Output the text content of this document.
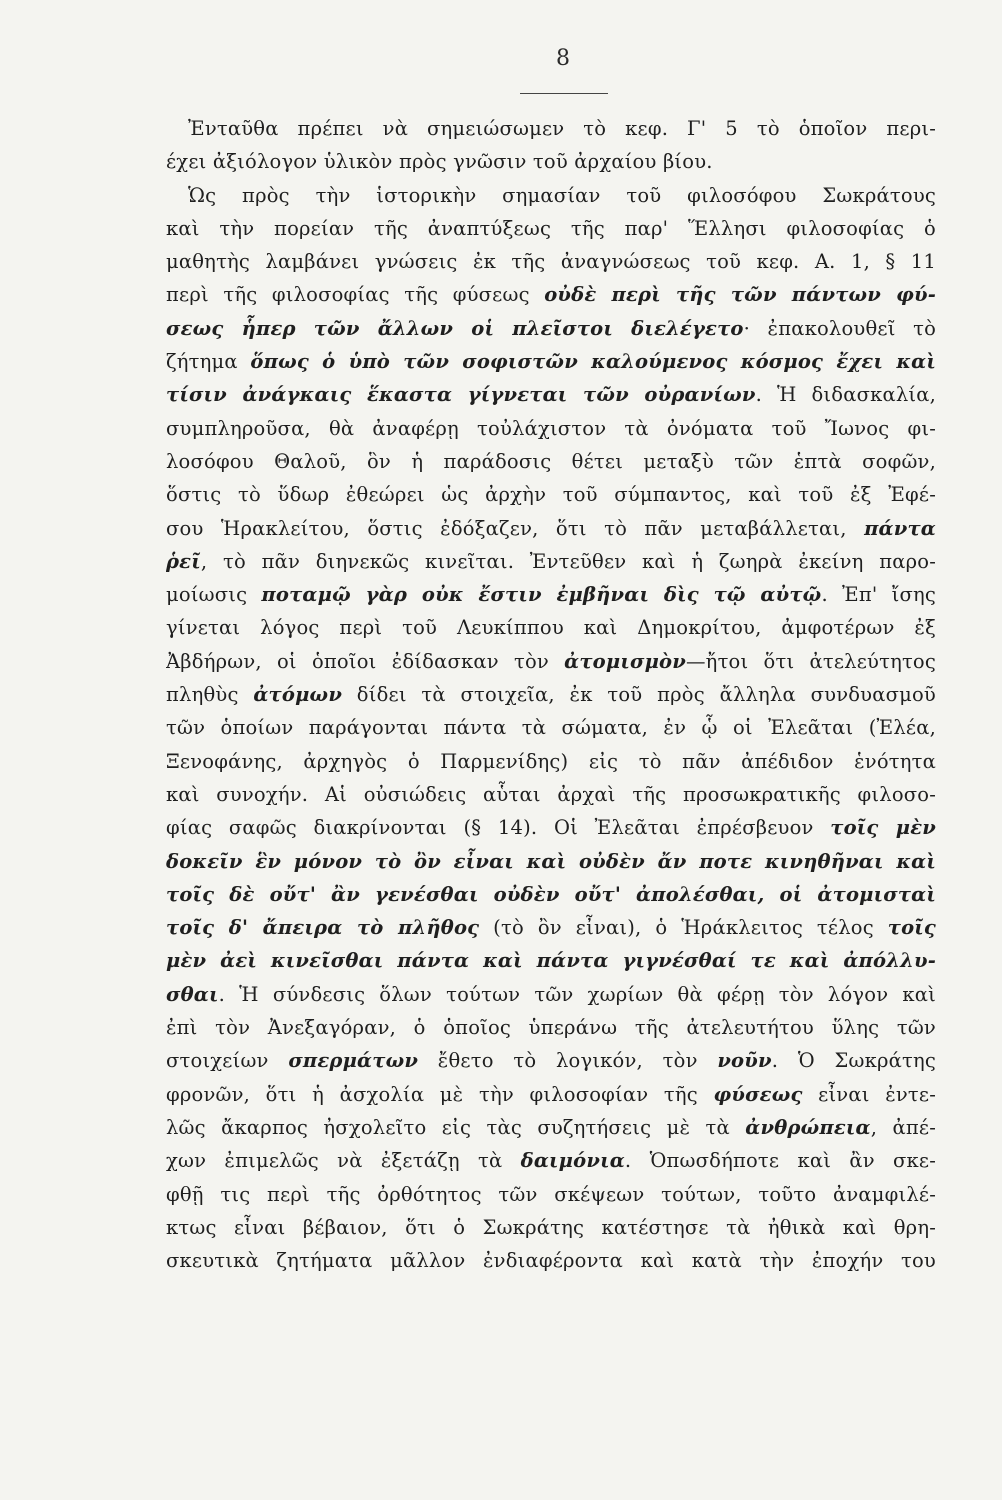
8
Ἐνταῦθα πρέπει νὰ σημειώσωμεν τὸ κεφ. Γ' 5 τὸ ὁποῖον περι-
έχει ἀξιόλογον ὑλικὸν πρὸς γνῶσιν τοῦ ἀρχαίου βίου.
Ὡς πρὸς τὴν ἱστορικὴν σημασίαν τοῦ φιλοσόφου Σωκράτους
καὶ τὴν πορείαν τῆς ἀναπτύξεως τῆς παρ' Ἕλλησι φιλοσοφίας ὁ
μαθητὴς λαμβάνει γνώσεις ἐκ τῆς ἀναγνώσεως τοῦ κεφ. Α. 1, § 11
περὶ τῆς φιλοσοφίας τῆς φύσεως οὐδὲ περὶ τῆς τῶν πάντων φύ-
σεως ἧπερ τῶν ἄλλων οἱ πλεῖστοι διελέγετο· ἐπακολουθεῖ τὸ
ζήτημα ὅπως ὁ ὑπὸ τῶν σοφιστῶν καλούμενος κόσμος ἔχει καὶ
τίσιν ἀνάγκαις ἕκαστα γίγνεται τῶν οὐρανίων. Ἡ διδασκαλία,
συμπληροῦσα, θὰ ἀναφέρῃ τοὐλάχιστον τὰ ὀνόματα τοῦ Ἴωνος φι-
λοσόφου Θαλοῦ, ὃν ἡ παράδοσις θέτει μεταξὺ τῶν ἑπτὰ σοφῶν,
ὅστις τὸ ὕδωρ ἐθεώρει ὡς ἀρχὴν τοῦ σύμπαντος, καὶ τοῦ ἐξ Ἐφέ-
σου Ἡρακλείτου, ὅστις ἐδόξαζεν, ὅτι τὸ πᾶν μεταβάλλεται, πάντα
ῥεῖ, τὸ πᾶν διηνεκῶς κινεῖται. Ἐντεῦθεν καὶ ἡ ζωηρὰ ἐκείνη παρο-
μοίωσις ποταμῷ γὰρ οὐκ ἔστιν ἐμβῆναι δὶς τῷ αὐτῷ. Ἐπ' ἴσης
γίνεται λόγος περὶ τοῦ Λευκίππου καὶ Δημοκρίτου, ἀμφοτέρων ἐξ
Ἀβδήρων, οἱ ὁποῖοι ἐδίδασκαν τὸν ἀτομισμὸν—ἤτοι ὅτι ἀτελεύτητος
πληθὺς ἀτόμων δίδει τὰ στοιχεῖα, ἐκ τοῦ πρὸς ἄλληλα συνδυασμοῦ
τῶν ὁποίων παράγονται πάντα τὰ σώματα, ἐν ᾧ οἱ Ἐλεᾶται (Ἐλέα,
Ξενοφάνης, ἀρχηγὸς ὁ Παρμενίδης) εἰς τὸ πᾶν ἀπέδιδον ἑνότητα
καὶ συνοχήν. Αἱ οὐσιώδεις αὗται ἀρχαὶ τῆς προσωκρατικῆς φιλοσο-
φίας σαφῶς διακρίνονται (§ 14). Οἱ Ἐλεᾶται ἐπρέσβευον τοῖς μὲν
δοκεῖν ἓν μόνον τὸ ὂν εἶναι καὶ οὐδὲν ἄν ποτε κινηθῆναι καὶ
τοῖς δὲ οὔτ' ἂν γενέσθαι οὐδὲν οὔτ' ἀπολέσθαι, οἱ ἀτομισταὶ
τοῖς δ' ἄπειρα τὸ πλῆθος (τὸ ὂν εἶναι), ὁ Ἡράκλειτος τέλος τοῖς
μὲν ἀεὶ κινεῖσθαι πάντα καὶ πάντα γιγνέσθαί τε καὶ ἀπόλλυ-
σθαι. Ἡ σύνδεσις ὅλων τούτων τῶν χωρίων θὰ φέρῃ τὸν λόγον καὶ
ἐπὶ τὸν Ἀνεξαγόραν, ὁ ὁποῖος ὑπεράνω τῆς ἀτελευτήτου ὕλης τῶν
στοιχείων σπερμάτων ἔθετο τὸ λογικόν, τὸν νοῦν. Ὁ Σωκράτης
φρονῶν, ὅτι ἡ ἀσχολία μὲ τὴν φιλοσοφίαν τῆς φύσεως εἶναι ἐντε-
λῶς ἄκαρπος ἠσχολεῖτο εἰς τὰς συζητήσεις μὲ τὰ ἀνθρώπεια, ἀπέ-
χων ἐπιμελῶς νὰ ἐξετάζῃ τὰ δαιμόνια. Ὁπωσδήποτε καὶ ἂν σκε-
φθῇ τις περὶ τῆς ὀρθότητος τῶν σκέψεων τούτων, τοῦτο ἀναμφιλέ-
κτως εἶναι βέβαιον, ὅτι ὁ Σωκράτης κατέστησε τὰ ἠθικὰ καὶ θρη-
σκευτικὰ ζητήματα μᾶλλον ἐνδιαφέροντα καὶ κατὰ τὴν ἐποχήν του
